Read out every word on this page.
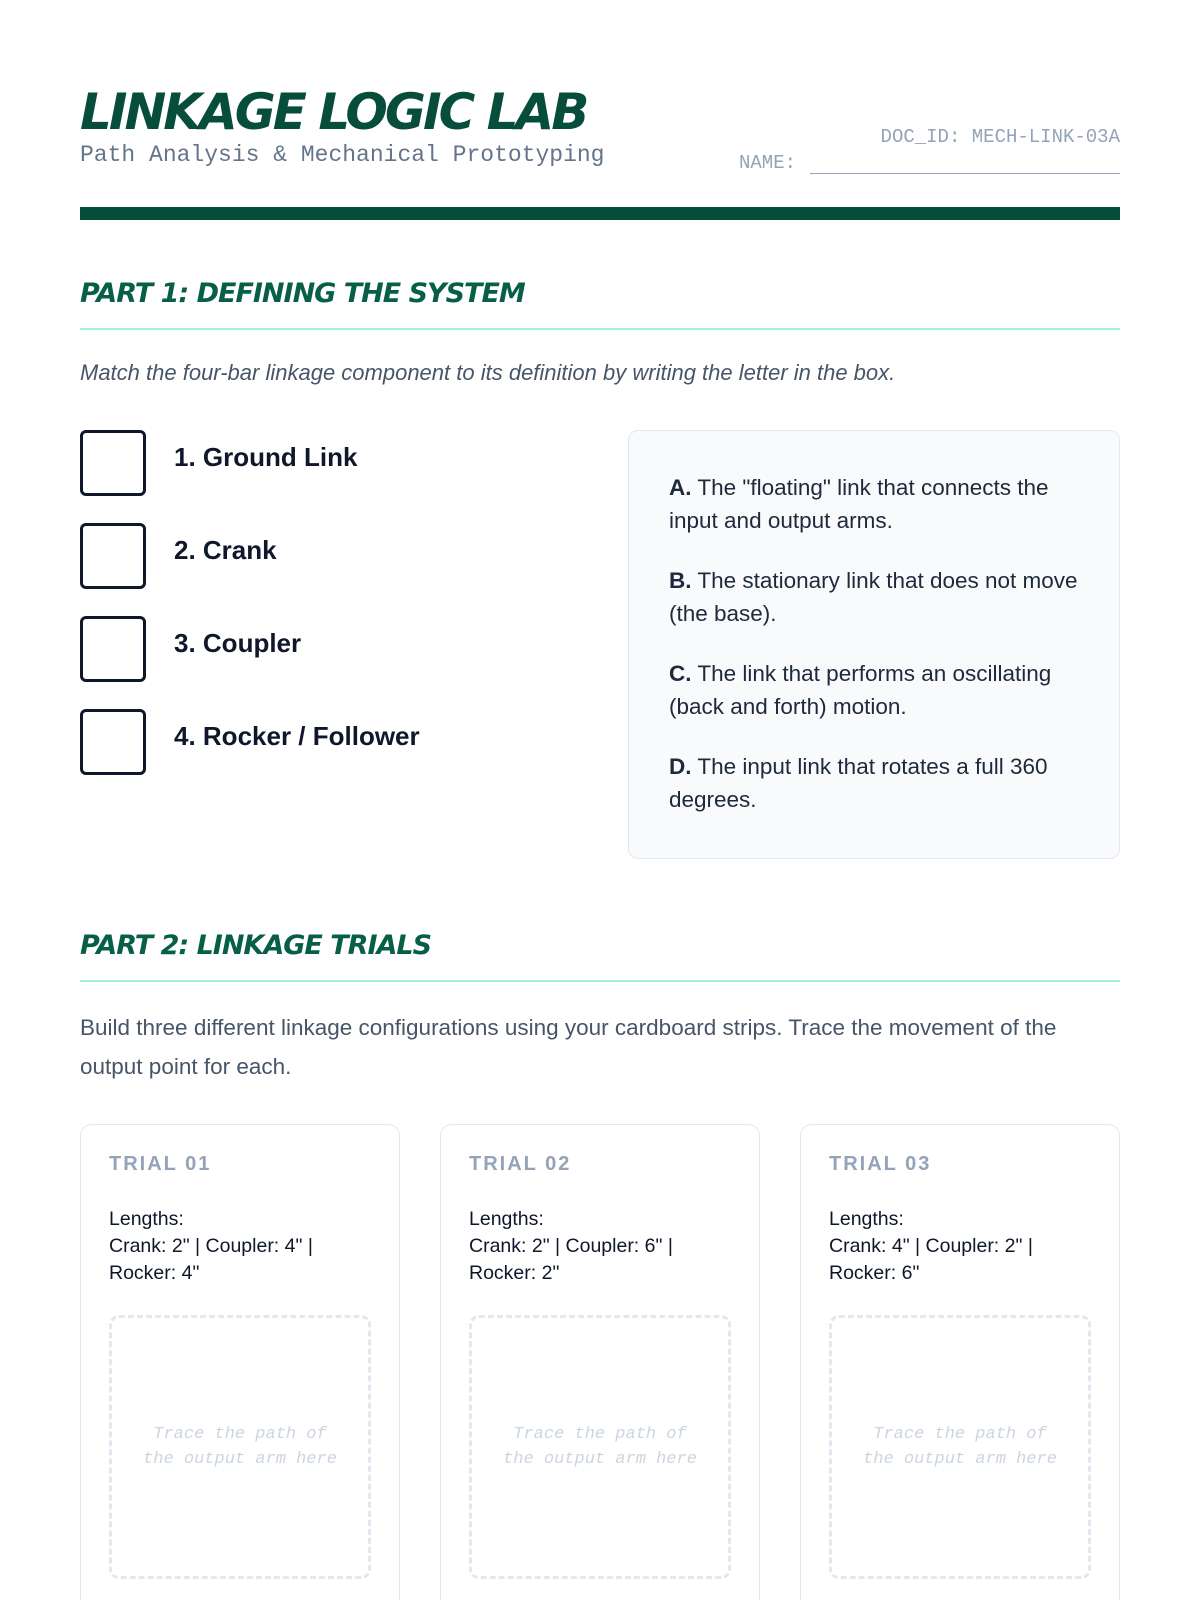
LINKAGE LOGIC LAB
Path Analysis & Mechanical Prototyping
DOC_ID: MECH-LINK-03A
NAME:
PART 1: DEFINING THE SYSTEM
Match the four-bar linkage component to its definition by writing the letter in the box.
1. Ground Link
2. Crank
3. Coupler
4. Rocker / Follower
A. The "floating" link that connects the input and output arms.
B. The stationary link that does not move (the base).
C. The link that performs an oscillating (back and forth) motion.
D. The input link that rotates a full 360 degrees.
PART 2: LINKAGE TRIALS
Build three different linkage configurations using your cardboard strips. Trace the movement of the output point for each.
TRIAL 01
Lengths:
Crank: 2" | Coupler: 4" |
Rocker: 4"
Trace the path of the output arm here
TRIAL 02
Lengths:
Crank: 2" | Coupler: 6" |
Rocker: 2"
Trace the path of the output arm here
TRIAL 03
Lengths:
Crank: 4" | Coupler: 2" |
Rocker: 6"
Trace the path of the output arm here
